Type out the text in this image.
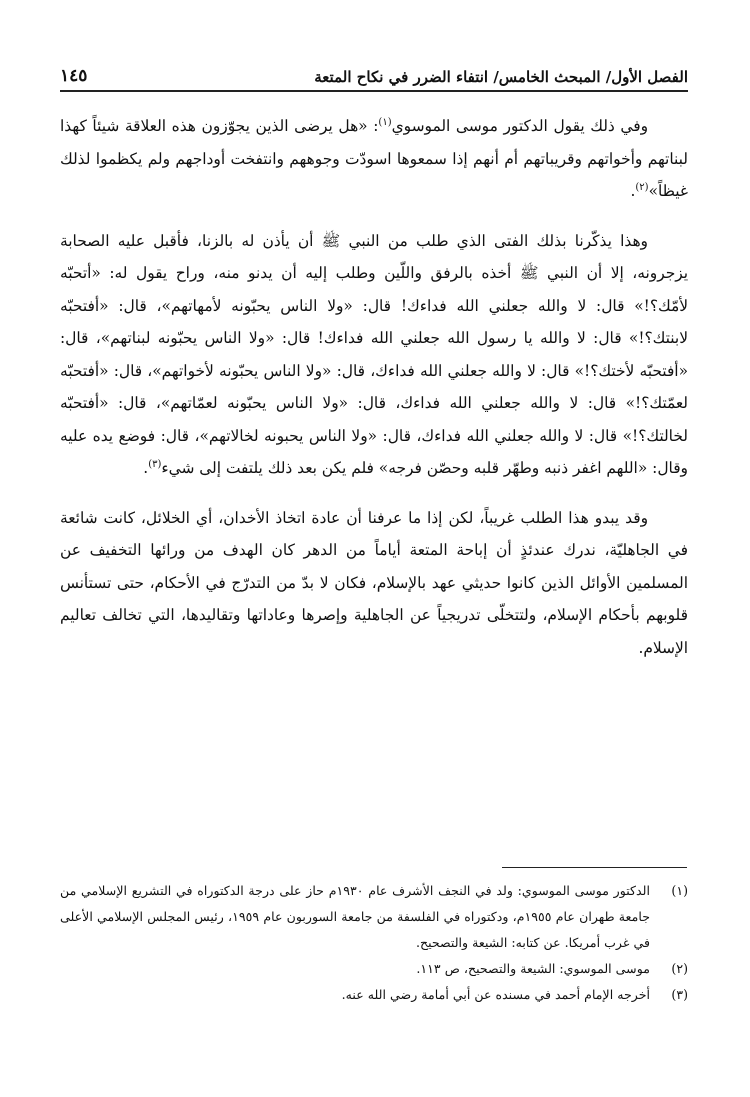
الفصل الأول/ المبحث الخامس/ انتفاء الضرر في نكاح المتعة
١٤٥

وفي ذلك يقول الدكتور موسى الموسوي$^{(١)}$: «هل يرضى الذين يجوّزون هذه العلاقة شيئاً كهذا لبناتهم وأخواتهم وقريباتهم أم أنهم إذا سمعوها اسودّت وجوههم وانتفخت أوداجهم ولم يكظموا لذلك غيظاً»$^{(٢)}$.

وهذا يذكّرنا بذلك الفتى الذي طلب من النبي ﷺ أن يأذن له بالزنا، فأقبل عليه الصحابة يزجرونه، إلا أن النبي ﷺ أخذه بالرفق واللّين وطلب إليه أن يدنو منه، وراح يقول له: «أتحبّه لأمّك؟!» قال: لا والله جعلني الله فداءك! قال: «ولا الناس يحبّونه لأمهاتهم»، قال: «أفتحبّه لابنتك؟!» قال: لا والله يا رسول الله جعلني الله فداءك! قال: «ولا الناس يحبّونه لبناتهم»، قال: «أفتحبّه لأختك؟!» قال: لا والله جعلني الله فداءك، قال: «ولا الناس يحبّونه لأخواتهم»، قال: «أفتحبّه لعمّتك؟!» قال: لا والله جعلني الله فداءك، قال: «ولا الناس يحبّونه لعمّاتهم»، قال: «أفتحبّه لخالتك؟!» قال: لا والله جعلني الله فداءك، قال: «ولا الناس يحبونه لخالاتهم»، قال: فوضع يده عليه وقال: «اللهم اغفر ذنبه وطهّر قلبه وحصّن فرجه» فلم يكن بعد ذلك يلتفت إلى شيء$^{(٣)}$.

وقد يبدو هذا الطلب غريباً، لكن إذا ما عرفنا أن عادة اتخاذ الأخدان، أي الخلائل، كانت شائعة في الجاهليّة، ندرك عندئذٍ أن إباحة المتعة أياماً من الدهر كان الهدف من ورائها التخفيف عن المسلمين الأوائل الذين كانوا حديثي عهد بالإسلام، فكان لا بدّ من التدرّج في الأحكام، حتى تستأنس قلوبهم بأحكام الإسلام، ولتتخلّى تدريجياً عن الجاهلية وإصرها وعاداتها وتقاليدها، التي تخالف تعاليم الإسلام.

(١)
الدكتور موسى الموسوي: ولد في النجف الأشرف عام ١٩٣٠م حاز على درجة الدكتوراه في التشريع الإسلامي من جامعة طهران عام ١٩٥٥م، ودكتوراه في الفلسفة من جامعة السوربون عام ١٩٥٩، رئيس المجلس الإسلامي الأعلى في غرب أمريكا. عن كتابه: الشيعة والتصحيح.
(٢)
موسى الموسوي: الشيعة والتصحيح، ص ١١٣.
(٣)
أخرجه الإمام أحمد في مسنده عن أبي أمامة رضي الله عنه.
